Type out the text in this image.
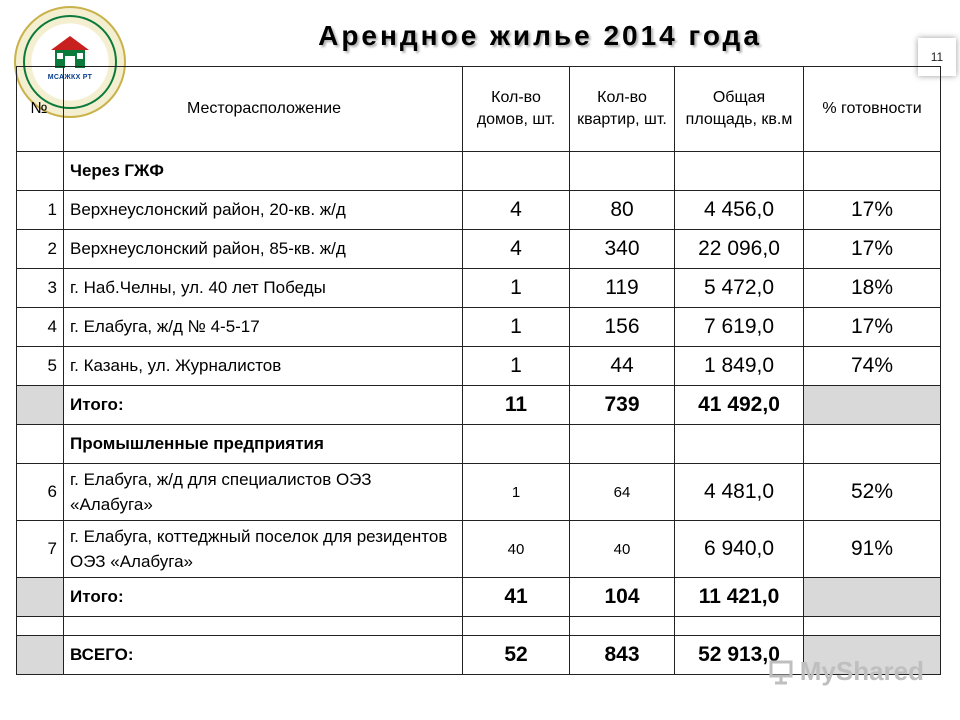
МСАЖКХ РТ
Арендное жилье 2014 года
11
№	Месторасположение	Кол-во домов, шт.	Кол-во квартир, шт.	Общая площадь, кв.м	% готовности
	Через ГЖФ				
1	Верхнеуслонский район, 20-кв. ж/д	4	80	4 456,0	17%
2	Верхнеуслонский район, 85-кв. ж/д	4	340	22 096,0	17%
3	г. Наб.Челны, ул. 40 лет Победы	1	119	5 472,0	18%
4	г. Елабуга, ж/д № 4-5-17	1	156	7 619,0	17%
5	г. Казань, ул. Журналистов	1	44	1 849,0	74%
	Итого:	11	739	41 492,0	
	Промышленные предприятия				
6	г. Елабуга, ж/д для специалистов ОЭЗ «Алабуга»	1	64	4 481,0	52%
7	г. Елабуга, коттеджный поселок для резидентов ОЭЗ «Алабуга»	40	40	6 940,0	91%
	Итого:	41	104	11 421,0	

	ВСЕГО:	52	843	52 913,0	
MyShared
